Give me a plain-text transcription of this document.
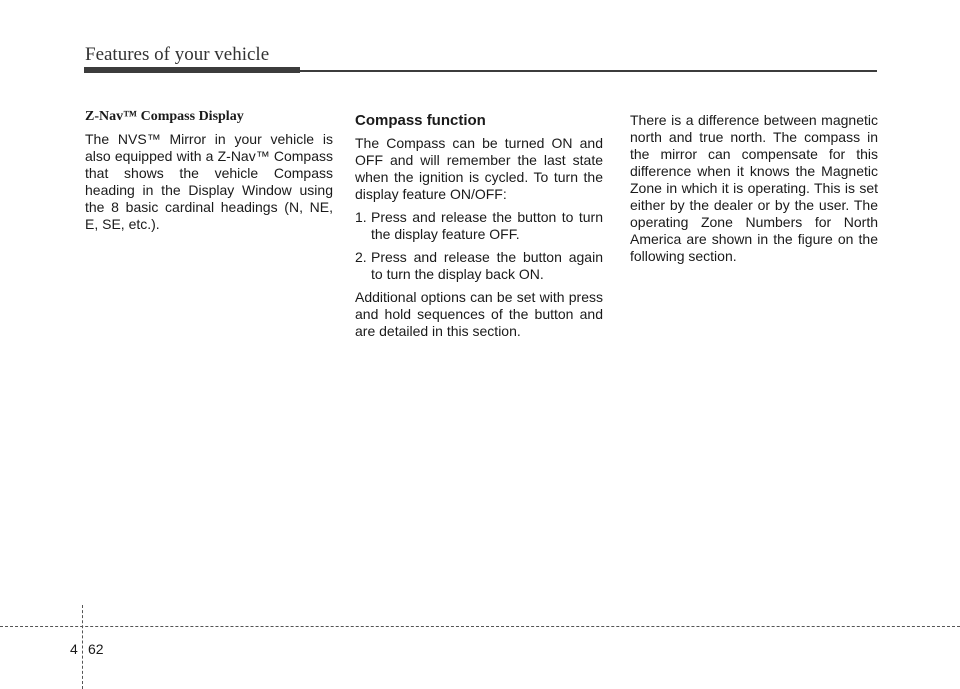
Features of your vehicle
Z-Nav™ Compass Display

The NVS™ Mirror in your vehicle is also equipped with a Z-Nav™ Compass that shows the vehicle Compass heading in the Display Window using the 8 basic cardinal headings (N, NE, E, SE, etc.).

Compass function

The Compass can be turned ON and OFF and will remember the last state when the ignition is cycled. To turn the display feature ON/OFF:

1. Press and release the button to turn the display feature OFF.
2. Press and release the button again to turn the display back ON.

Additional options can be set with press and hold sequences of the button and are detailed in this section.

There is a difference between magnetic north and true north. The compass in the mirror can compensate for this difference when it knows the Magnetic Zone in which it is operating. This is set either by the dealer or by the user. The operating Zone Numbers for North America are shown in the figure on the following section.

4 62
